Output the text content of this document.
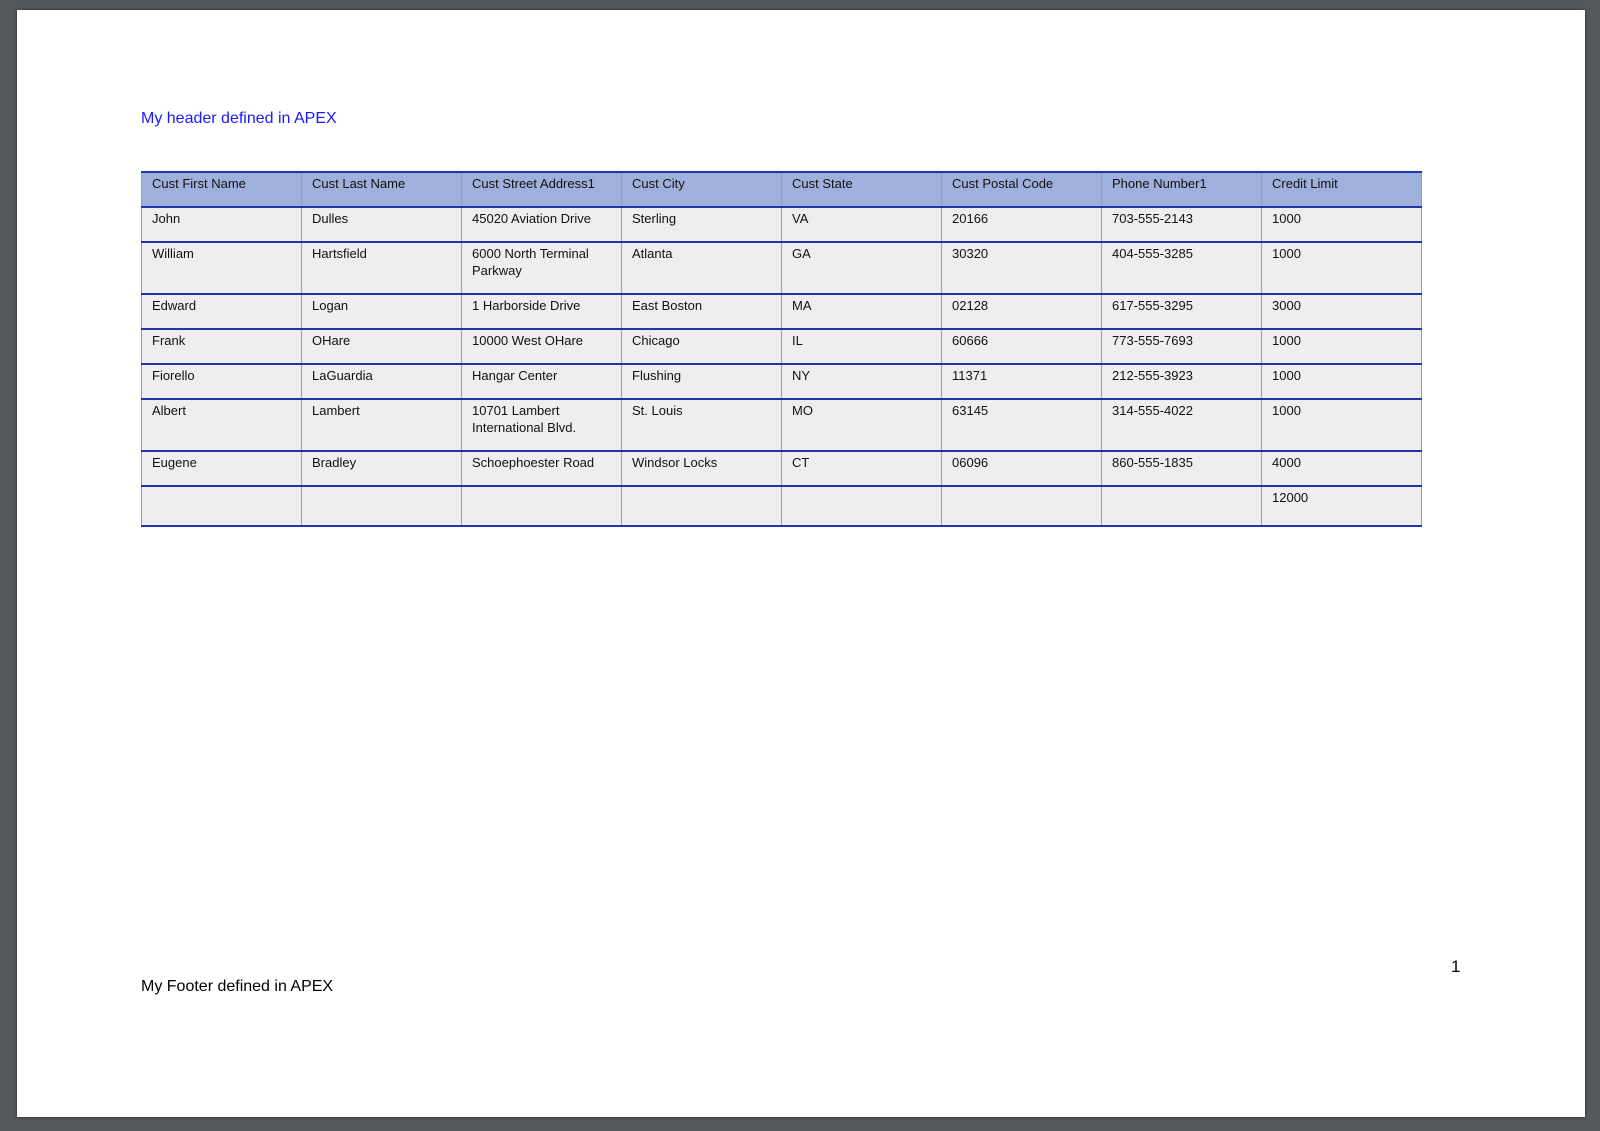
My header defined in APEX
Cust First Name	Cust Last Name	Cust Street Address1	Cust City	Cust State	Cust Postal Code	Phone Number1	Credit Limit
John	Dulles	45020 Aviation Drive	Sterling	VA	20166	703-555-2143	1000
William	Hartsfield	6000 North Terminal Parkway	Atlanta	GA	30320	404-555-3285	1000
Edward	Logan	1 Harborside Drive	East Boston	MA	02128	617-555-3295	3000
Frank	OHare	10000 West OHare	Chicago	IL	60666	773-555-7693	1000
Fiorello	LaGuardia	Hangar Center	Flushing	NY	11371	212-555-3923	1000
Albert	Lambert	10701 Lambert International Blvd.	St. Louis	MO	63145	314-555-4022	1000
Eugene	Bradley	Schoephoester Road	Windsor Locks	CT	06096	860-555-1835	4000
							12000
1
My Footer defined in APEX
